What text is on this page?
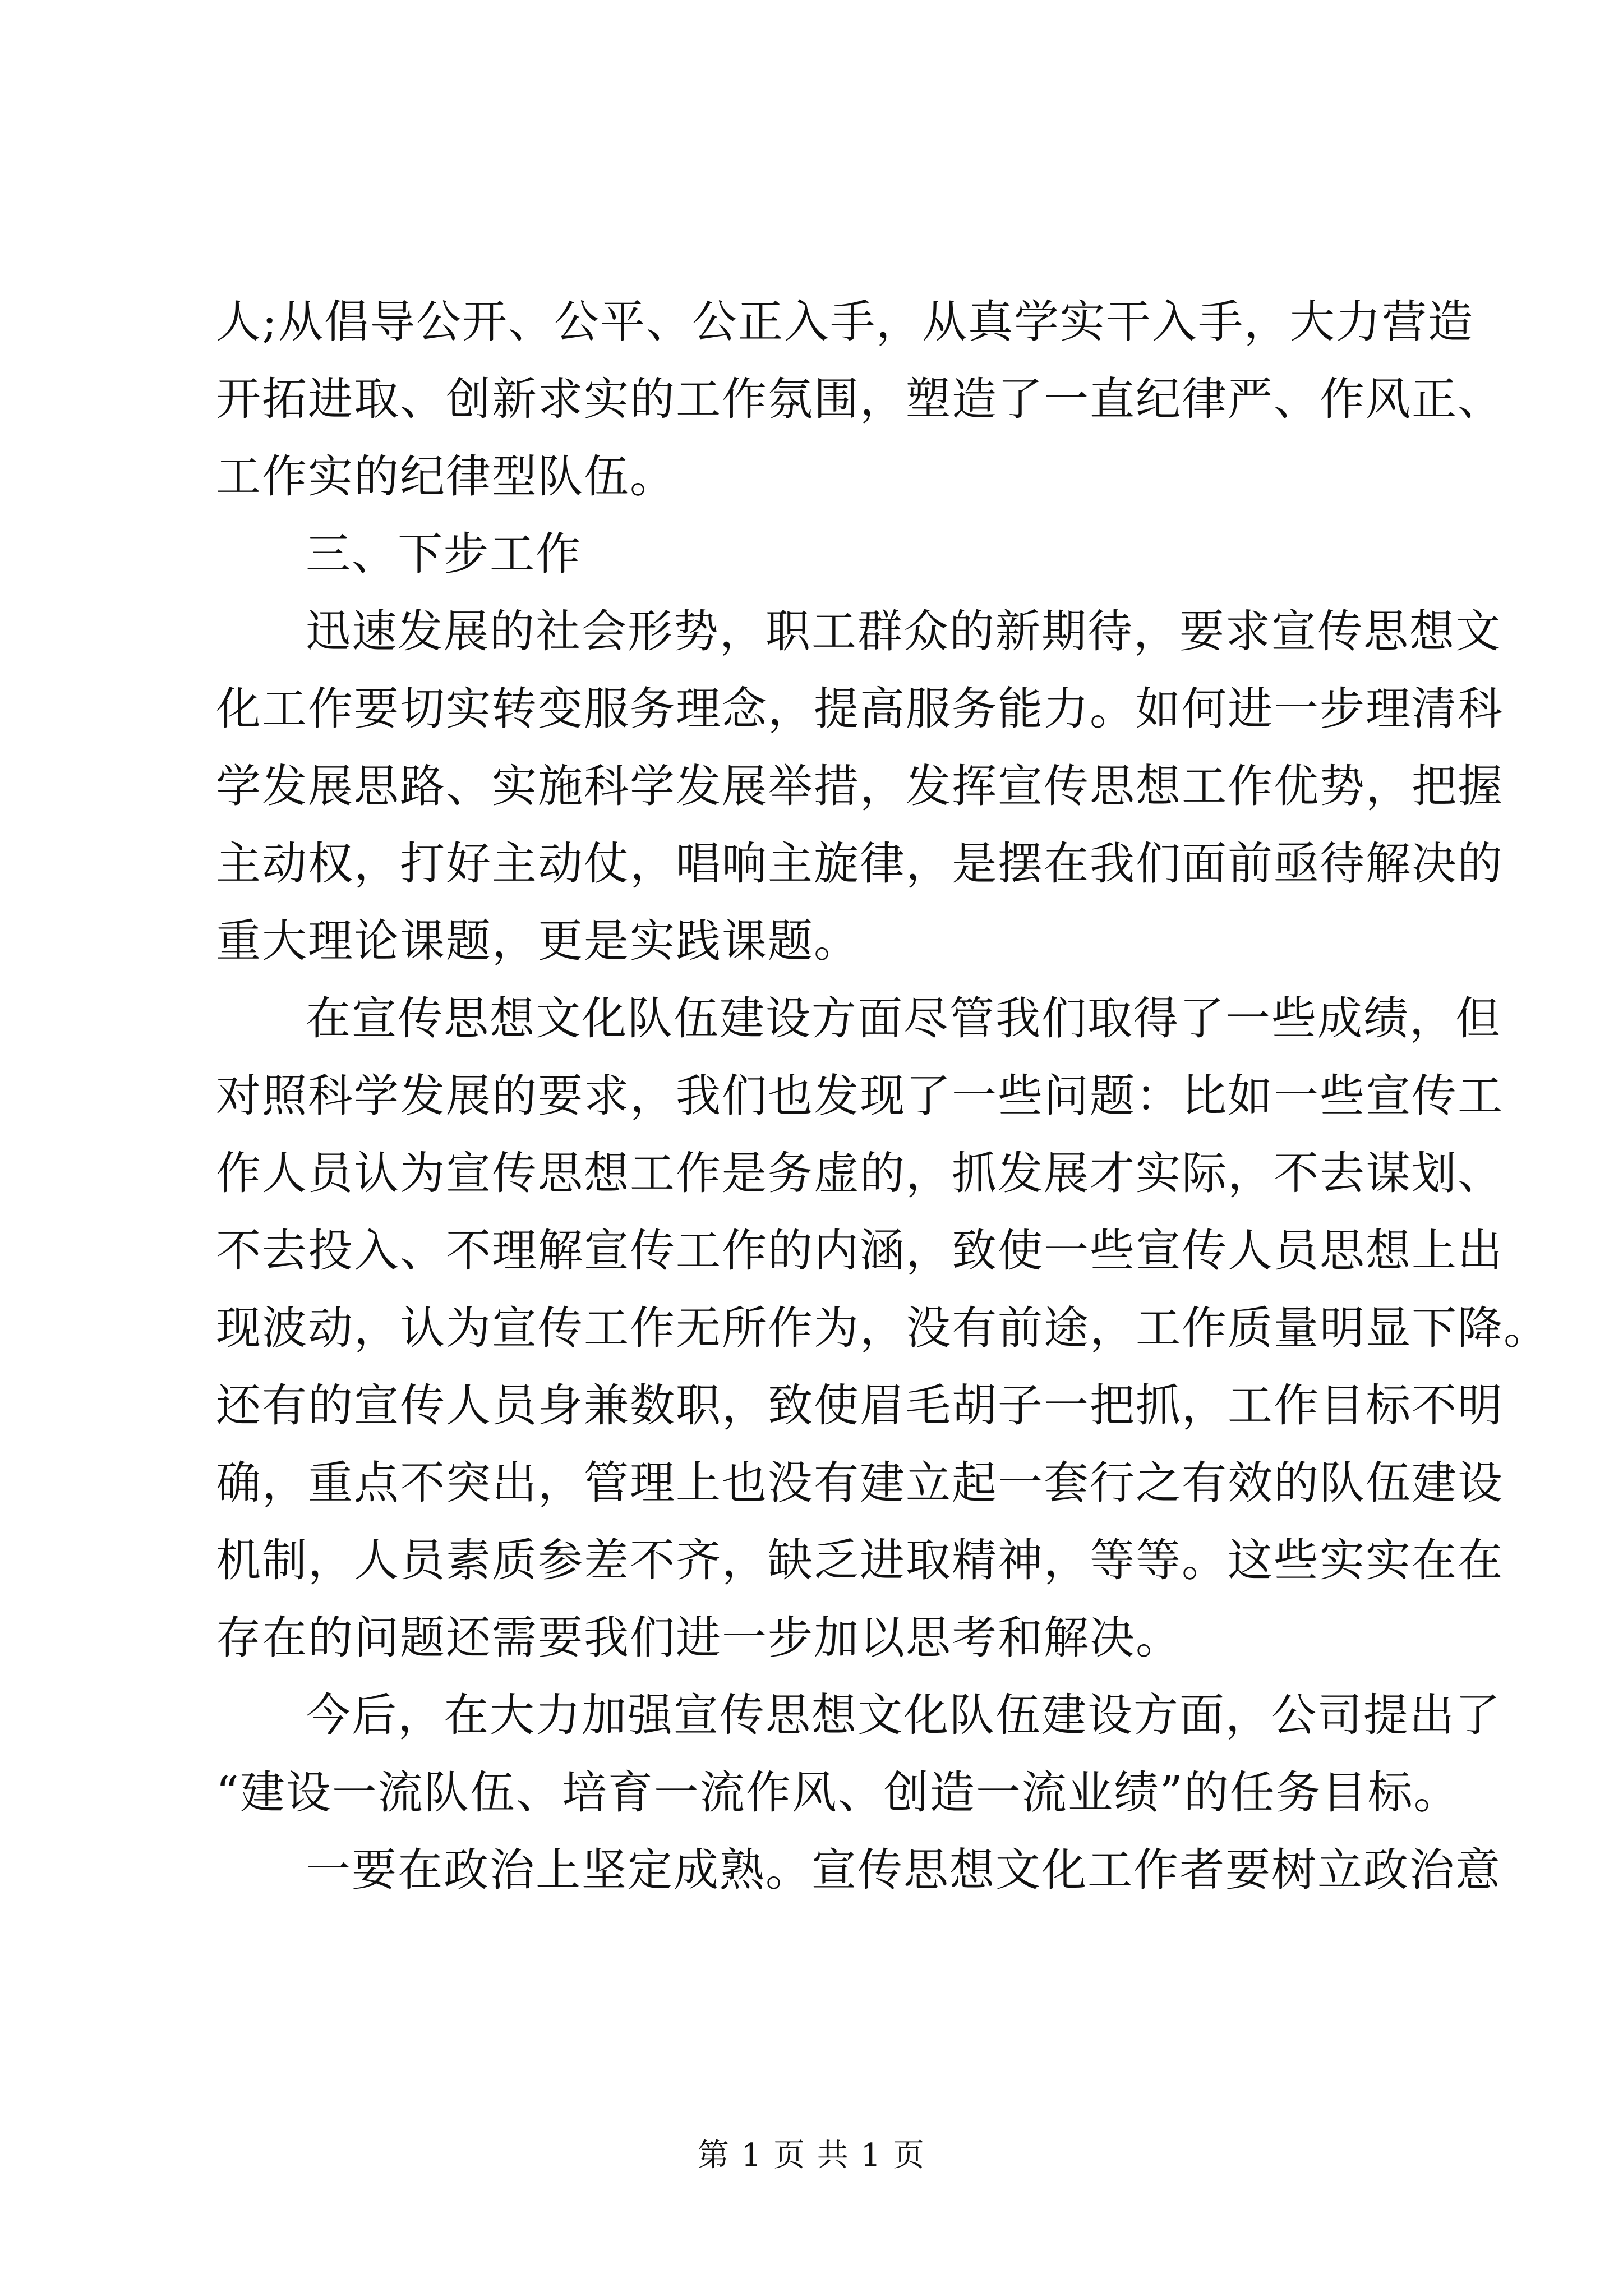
人;从倡导公开、公平、公正入手，从真学实干入手，大力营造
开拓进取、创新求实的工作氛围，塑造了一直纪律严、作风正、
工作实的纪律型队伍。
三、下步工作
迅速发展的社会形势，职工群众的新期待，要求宣传思想文
化工作要切实转变服务理念，提高服务能力。如何进一步理清科
学发展思路、实施科学发展举措，发挥宣传思想工作优势，把握
主动权，打好主动仗，唱响主旋律，是摆在我们面前亟待解决的
重大理论课题，更是实践课题。
在宣传思想文化队伍建设方面尽管我们取得了一些成绩，但
对照科学发展的要求，我们也发现了一些问题：比如一些宣传工
作人员认为宣传思想工作是务虚的，抓发展才实际，不去谋划、
不去投入、不理解宣传工作的内涵，致使一些宣传人员思想上出
现波动，认为宣传工作无所作为，没有前途，工作质量明显下降。
还有的宣传人员身兼数职，致使眉毛胡子一把抓，工作目标不明
确，重点不突出，管理上也没有建立起一套行之有效的队伍建设
机制，人员素质参差不齐，缺乏进取精神，等等。这些实实在在
存在的问题还需要我们进一步加以思考和解决。
今后，在大力加强宣传思想文化队伍建设方面，公司提出了
“建设一流队伍、培育一流作风、创造一流业绩”的任务目标。
一要在政治上坚定成熟。宣传思想文化工作者要树立政治意
第 1 页 共 1 页
